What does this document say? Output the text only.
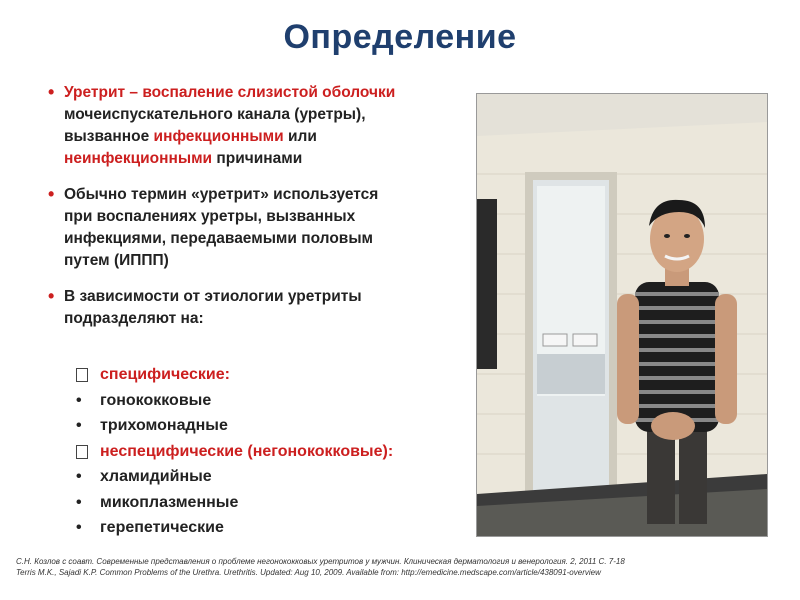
Определение
• Уретрит – воспаление слизистой оболочки
мочеиспускательного канала (уретры),
вызванное инфекционными или
неинфекционными причинами
• Обычно термин «уретрит» используется
при воспалениях уретры, вызванных
инфекциями, передаваемыми половым
путем (ИППП)
• В зависимости от этиологии уретриты
подразделяют на:
специфические:
•	гонококковые
•	трихомонадные
неспецифические (негонококковые):
•	хламидийные
•	микоплазменные
•	герепетические
С.Н. Козлов с соавт. Современные представления о проблеме негонококковых уретритов у мужчин. Клиническая дерматология и венерология. 2, 2011 С. 7-18
Terris M.K., Sajadi K.P. Common Problems of the Urethra. Urethritis. Updated: Aug 10, 2009. Available from: http://emedicine.medscape.com/article/438091-overview
